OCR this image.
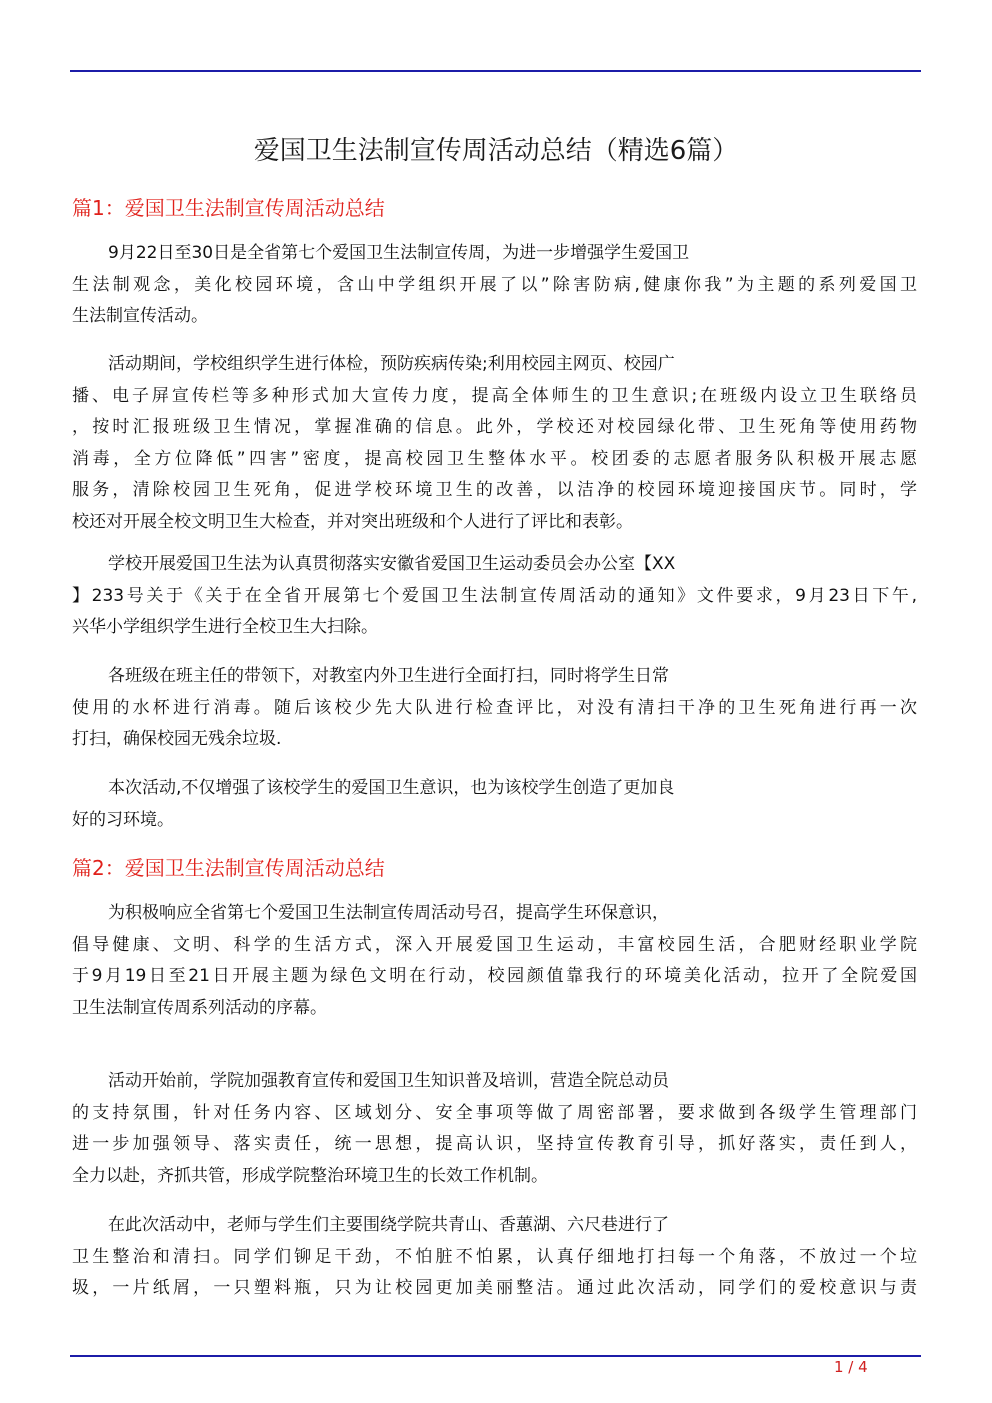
爱国卫生法制宣传周活动总结（精选6篇）
篇1：爱国卫生法制宣传周活动总结
9月22日至30日是全省第七个爱国卫生法制宣传周，为进一步增强学生爱国卫
生法制观念，美化校园环境，含山中学组织开展了以”除害防病,健康你我”为主题的系列爱国卫
生法制宣传活动。
活动期间，学校组织学生进行体检，预防疾病传染;利用校园主网页、校园广
播、电子屏宣传栏等多种形式加大宣传力度，提高全体师生的卫生意识;在班级内设立卫生联络员
，按时汇报班级卫生情况，掌握准确的信息。此外，学校还对校园绿化带、卫生死角等使用药物
消毒，全方位降低”四害”密度，提高校园卫生整体水平。校团委的志愿者服务队积极开展志愿
服务，清除校园卫生死角，促进学校环境卫生的改善，以洁净的校园环境迎接国庆节。同时，学
校还对开展全校文明卫生大检查，并对突出班级和个人进行了评比和表彰。
学校开展爱国卫生法为认真贯彻落实安徽省爱国卫生运动委员会办公室【XX
】233号关于《关于在全省开展第七个爱国卫生法制宣传周活动的通知》文件要求，9月23日下午,
兴华小学组织学生进行全校卫生大扫除。
各班级在班主任的带领下，对教室内外卫生进行全面打扫，同时将学生日常
使用的水杯进行消毒。随后该校少先大队进行检查评比，对没有清扫干净的卫生死角进行再一次
打扫，确保校园无残余垃圾.
本次活动,不仅增强了该校学生的爱国卫生意识，也为该校学生创造了更加良
好的习环境。
篇2：爱国卫生法制宣传周活动总结
为积极响应全省第七个爱国卫生法制宣传周活动号召，提高学生环保意识，
倡导健康、文明、科学的生活方式，深入开展爱国卫生运动，丰富校园生活，合肥财经职业学院
于9月19日至21日开展主题为绿色文明在行动，校园颜值靠我行的环境美化活动，拉开了全院爱国
卫生法制宣传周系列活动的序幕。
活动开始前，学院加强教育宣传和爱国卫生知识普及培训，营造全院总动员
的支持氛围，针对任务内容、区域划分、安全事项等做了周密部署，要求做到各级学生管理部门
进一步加强领导、落实责任，统一思想，提高认识，坚持宣传教育引导，抓好落实，责任到人，
全力以赴，齐抓共管，形成学院整治环境卫生的长效工作机制。
在此次活动中，老师与学生们主要围绕学院共青山、香蕙湖、六尺巷进行了
卫生整治和清扫。同学们铆足干劲，不怕脏不怕累，认真仔细地打扫每一个角落，不放过一个垃
圾，一片纸屑，一只塑料瓶，只为让校园更加美丽整洁。通过此次活动，同学们的爱校意识与责
1 / 4
